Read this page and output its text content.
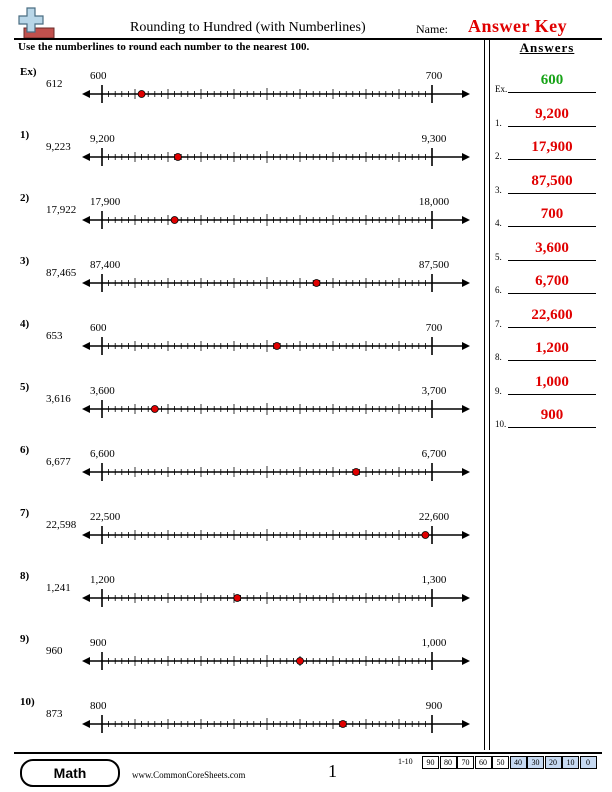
Rounding to Hundred (with Numberlines)	Name: Answer Key
Use the numberlines to round each number to the nearest 100.	Answers
Ex)
612
600	700
1)
9,223
9,200	9,300
2)
17,922
17,900	18,000
3)
87,465
87,400	87,500
4)
653
600	700
5)
3,616
3,600	3,700
6)
6,677
6,600	6,700
7)
22,598
22,500	22,600
8)
1,241
1,200	1,300
9)
960
900	1,000
10)
873
800	900
Ex.
600
1.
9,200
2.
17,900
3.
87,500
4.
700
5.
3,600
6.
6,700
7.
22,600
8.
1,200
9.
1,000
10.
900
Math	www.CommonCoreSheets.com	1	1-10	90	80	70	60	50	40	30	20	10	0
